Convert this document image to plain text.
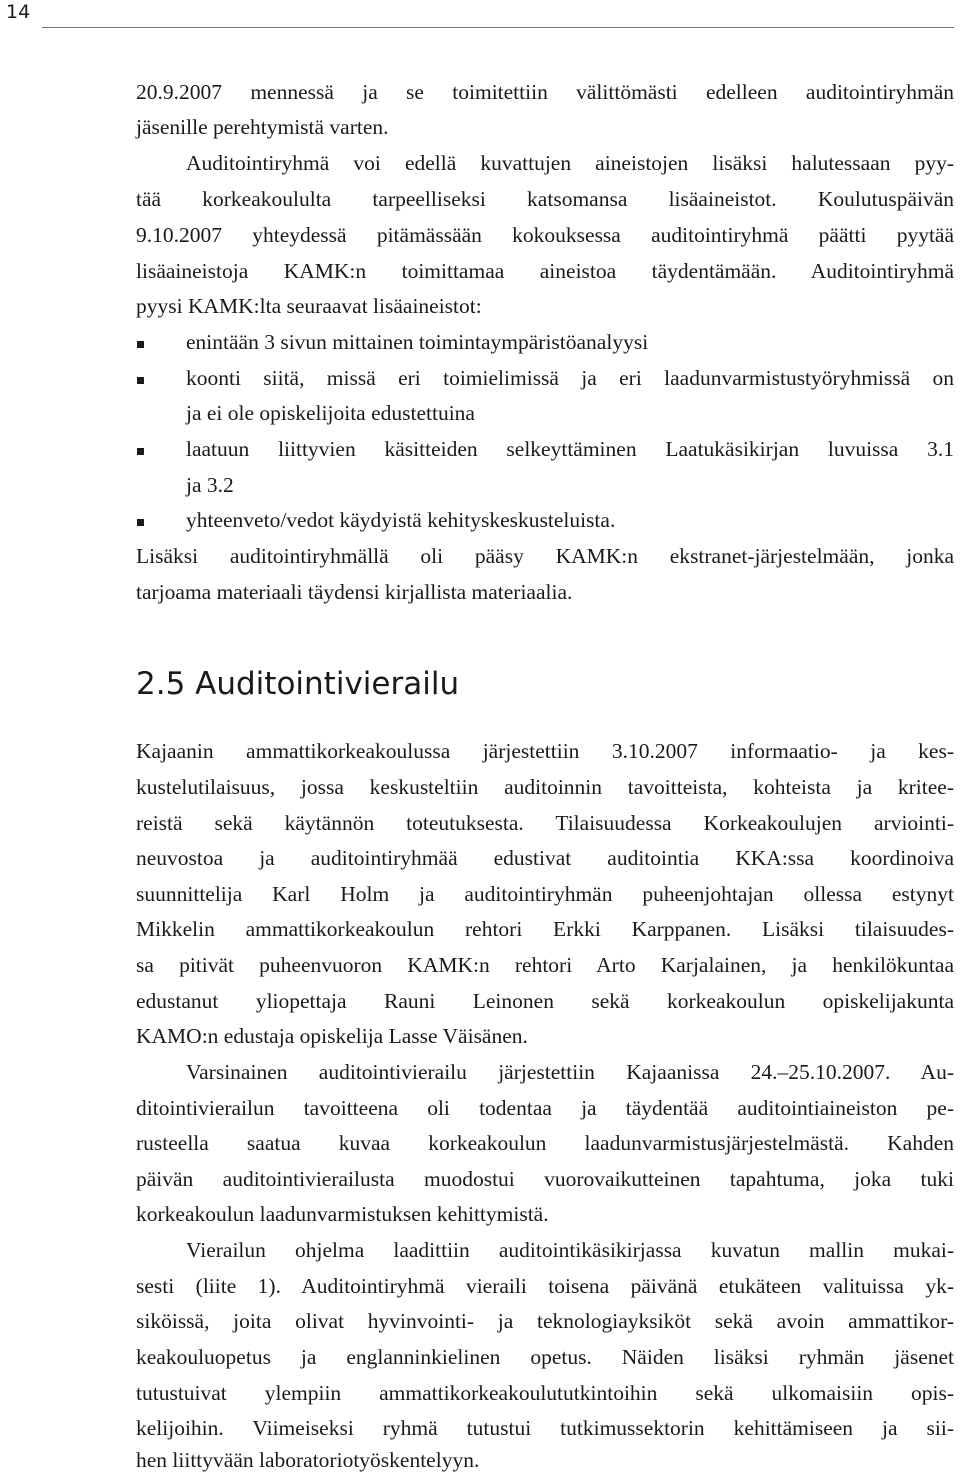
14
20.9.2007 mennessä ja se toimitettiin välittömästi edelleen auditointiryhmän
jäsenille perehtymistä varten.
Auditointiryhmä voi edellä kuvattujen aineistojen lisäksi halutessaan pyy-
tää korkeakoululta tarpeelliseksi katsomansa lisäaineistot. Koulutuspäivän
9.10.2007 yhteydessä pitämässään kokouksessa auditointiryhmä päätti pyytää
lisäaineistoja KAMK:n toimittamaa aineistoa täydentämään. Auditointiryhmä
pyysi KAMK:lta seuraavat lisäaineistot:
enintään 3 sivun mittainen toimintaympäristöanalyysi
koonti siitä, missä eri toimielimissä ja eri laadunvarmistustyöryhmissä on
ja ei ole opiskelijoita edustettuina
laatuun liittyvien käsitteiden selkeyttäminen Laatukäsikirjan luvuissa 3.1
ja 3.2
yhteenveto/vedot käydyistä kehityskeskusteluista.
Lisäksi auditointiryhmällä oli pääsy KAMK:n ekstranet-järjestelmään, jonka
tarjoama materiaali täydensi kirjallista materiaalia.
2.5 Auditointivierailu
Kajaanin ammattikorkeakoulussa järjestettiin 3.10.2007 informaatio- ja kes-
kustelutilaisuus, jossa keskusteltiin auditoinnin tavoitteista, kohteista ja kritee-
reistä sekä käytännön toteutuksesta. Tilaisuudessa Korkeakoulujen arviointi-
neuvostoa ja auditointiryhmää edustivat auditointia KKA:ssa koordinoiva
suunnittelija Karl Holm ja auditointiryhmän puheenjohtajan ollessa estynyt
Mikkelin ammattikorkeakoulun rehtori Erkki Karppanen. Lisäksi tilaisuudes-
sa pitivät puheenvuoron KAMK:n rehtori Arto Karjalainen, ja henkilökuntaa
edustanut yliopettaja Rauni Leinonen sekä korkeakoulun opiskelijakunta
KAMO:n edustaja opiskelija Lasse Väisänen.
Varsinainen auditointivierailu järjestettiin Kajaanissa 24.–25.10.2007. Au-
ditointivierailun tavoitteena oli todentaa ja täydentää auditointiaineiston pe-
rusteella saatua kuvaa korkeakoulun laadunvarmistusjärjestelmästä. Kahden
päivän auditointivierailusta muodostui vuorovaikutteinen tapahtuma, joka tuki
korkeakoulun laadunvarmistuksen kehittymistä.
Vierailun ohjelma laadittiin auditointikäsikirjassa kuvatun mallin mukai-
sesti (liite 1). Auditointiryhmä vieraili toisena päivänä etukäteen valituissa yk-
siköissä, joita olivat hyvinvointi- ja teknologiayksiköt sekä avoin ammattikor-
keakouluopetus ja englanninkielinen opetus. Näiden lisäksi ryhmän jäsenet
tutustuivat ylempiin ammattikorkeakoulututkintoihin sekä ulkomaisiin opis-
kelijoihin. Viimeiseksi ryhmä tutustui tutkimussektorin kehittämiseen ja sii-
hen liittyvään laboratoriotyöskentelyyn.
